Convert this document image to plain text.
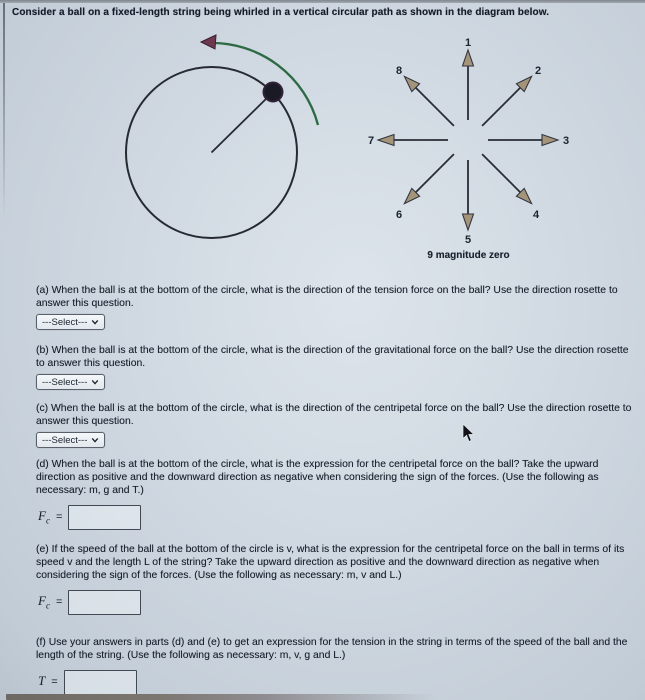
Consider a ball on a fixed-length string being whirled in a vertical circular path as shown in the diagram below.
1
2
3
4
5
6
7
8
9 magnitude zero
(a) When the ball is at the bottom of the circle, what is the direction of the tension force on the ball? Use the direction rosette to answer this question.
---Select---
(b) When the ball is at the bottom of the circle, what is the direction of the gravitational force on the ball? Use the direction rosette to answer this question.
---Select---
(c) When the ball is at the bottom of the circle, what is the direction of the centripetal force on the ball? Use the direction rosette to answer this question.
---Select---
(d) When the ball is at the bottom of the circle, what is the expression for the centripetal force on the ball? Take the upward direction as positive and the downward direction as negative when considering the sign of the forces. (Use the following as necessary: m, g and T.)
$F_c$ =
(e) If the speed of the ball at the bottom of the circle is v, what is the expression for the centripetal force on the ball in terms of its speed v and the length L of the string? Take the upward direction as positive and the downward direction as negative when considering the sign of the forces. (Use the following as necessary: m, v and L.)
$F_c$ =
(f) Use your answers in parts (d) and (e) to get an expression for the tension in the string in terms of the speed of the ball and the length of the string. (Use the following as necessary: m, v, g and L.)
T =
